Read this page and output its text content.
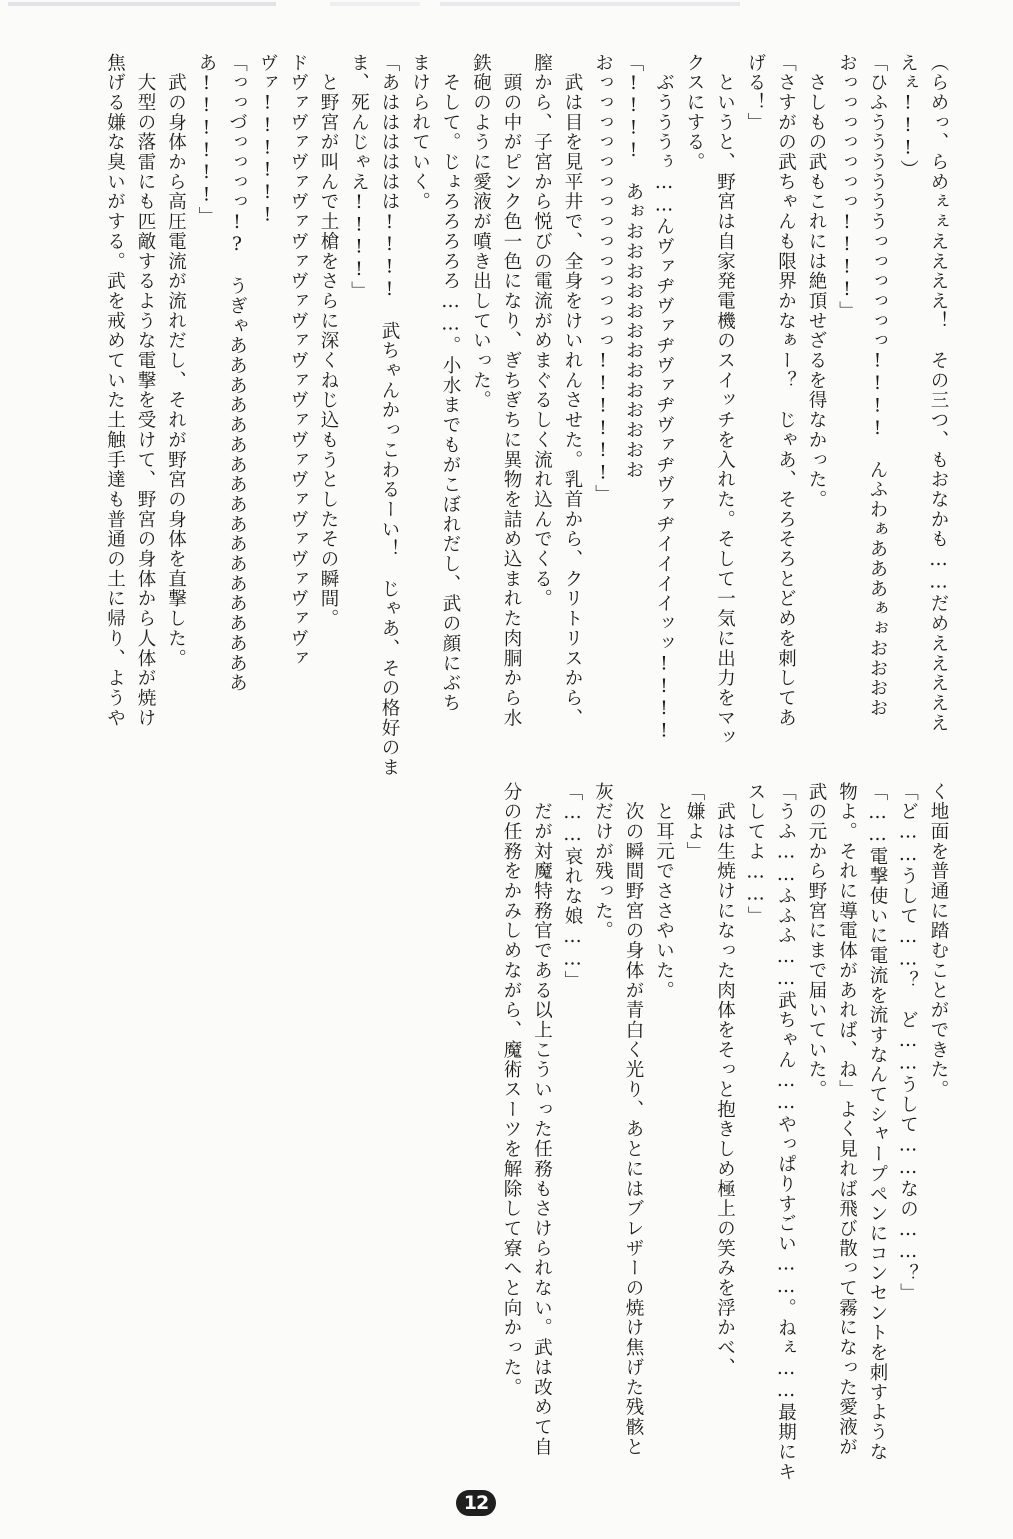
（らめっ、らめぇぇええええ！　その三つ、もおなかも……だめえええええ
えぇ!!!）
「ひふううううううっっっっっっ!!!!　んふわぁあああぁぉおおおお
おっっっっっっっ!!!!」
　さしもの武もこれには絶頂せざるを得なかった。
「さすがの武ちゃんも限界かなぁー？　じゃあ、そろそろとどめを刺してあ
げる！」
　というと、野宮は自家発電機のスイッチを入れた。そして一気に出力をマッ
クスにする。
　ぶうううぅ……んヴァヂヴァヂヴァヂヴァヂヴァヂイイイイッッ!!!!
「!!!!　あぉおおおおおおおおおおおおお
おっっっっっっっっっっっっっっ!!!!!!」
　武は目を見平井で、全身をけいれんさせた。乳首から、クリトリスから、
膣から、子宮から悦びの電流がめまぐるしく流れ込んでくる。
　頭の中がピンク色一色になり、ぎちぎちに異物を詰め込まれた肉胴から水
鉄砲のように愛液が噴き出していった。
　そして。じょろろろろろ……。小水までもがこぼれだし、武の顔にぶち
まけられていく。
「あはははははは!!!!　武ちゃんかっこわるーい！　じゃあ、その格好のま
ま、死んじゃえ!!!!」
　と野宮が叫んで土槍をさらに深くねじ込もうとしたその瞬間。
ドヴァヴァヴァヴァヴァヴァヴァヴァヴァヴァヴァヴァヴァヴァヴァ
ヴァ!!!!!!
「っっづっっっっ!?　うぎゃああああああああああああああああああ
あ!!!!!!」
　武の身体から高圧電流が流れだし、それが野宮の身体を直撃した。
　大型の落雷にも匹敵するような電撃を受けて、野宮の身体から人体が焼け
焦げる嫌な臭いがする。武を戒めていた土触手達も普通の土に帰り、ようや
く地面を普通に踏むことができた。
「ど……うして……？　ど……うして……なの……？」
「……電撃使いに電流を流すなんてシャープペンにコンセントを刺すような
物よ。それに導電体があれば、ね」よく見れば飛び散って霧になった愛液が
武の元から野宮にまで届いていた。
「うふ……ふふふ……武ちゃん……やっぱりすごい……。ねぇ……最期にキ
スしてよ……」
　武は生焼けになった肉体をそっと抱きしめ極上の笑みを浮かべ、
「嫌よ」
　と耳元でささやいた。
　次の瞬間野宮の身体が青白く光り、あとにはブレザーの焼け焦げた残骸と
灰だけが残った。
「……哀れな娘……」
　だが対魔特務官である以上こういった任務もさけられない。武は改めて自
分の任務をかみしめながら、魔術スーツを解除して寮へと向かった。
12
